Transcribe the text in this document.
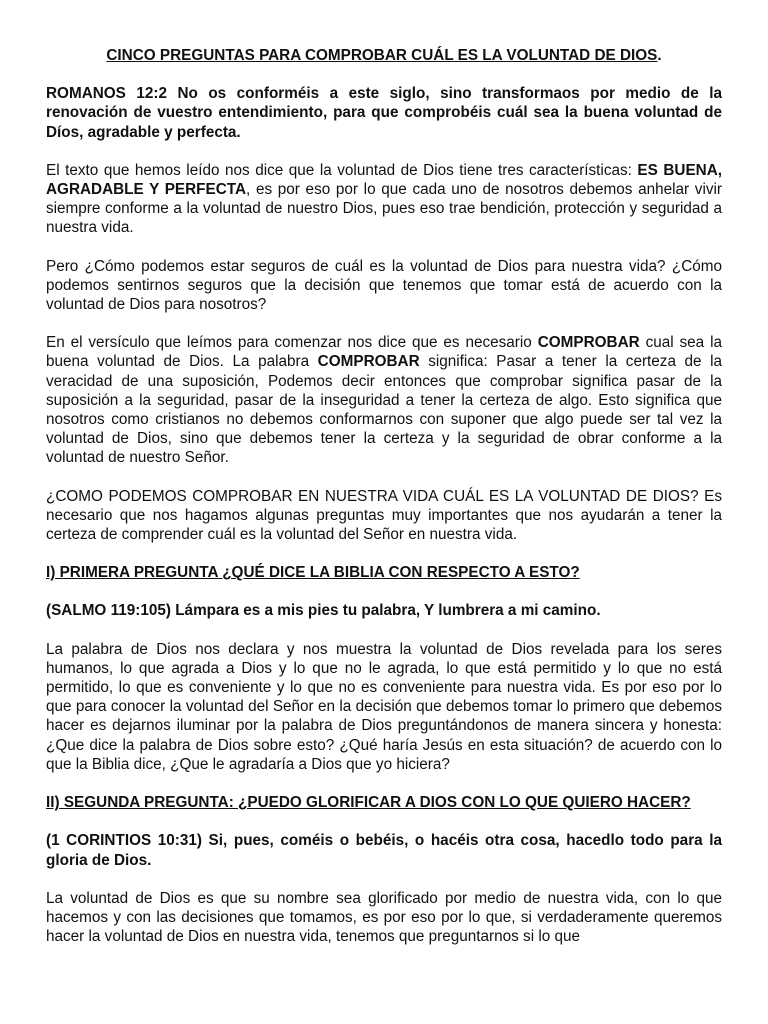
CINCO PREGUNTAS PARA COMPROBAR CUÁL ES LA VOLUNTAD DE DIOS.

ROMANOS 12:2 No os conforméis a este siglo, sino transformaos por medio de la renovación de vuestro entendimiento, para que comprobéis cuál sea la buena voluntad de Díos, agradable y perfecta.

El texto que hemos leído nos dice que la voluntad de Dios tiene tres características: ES BUENA, AGRADABLE Y PERFECTA, es por eso por lo que cada uno de nosotros debemos anhelar vivir siempre conforme a la voluntad de nuestro Dios, pues eso trae bendición, protección y seguridad a nuestra vida.

Pero ¿Cómo podemos estar seguros de cuál es la voluntad de Dios para nuestra vida? ¿Cómo podemos sentirnos seguros que la decisión que tenemos que tomar está de acuerdo con la voluntad de Dios para nosotros?

En el versículo que leímos para comenzar nos dice que es necesario COMPROBAR cual sea la buena voluntad de Dios. La palabra COMPROBAR significa: Pasar a tener la certeza de la veracidad de una suposición, Podemos decir entonces que comprobar significa pasar de la suposición a la seguridad, pasar de la inseguridad a tener la certeza de algo. Esto significa que nosotros como cristianos no debemos conformarnos con suponer que algo puede ser tal vez la voluntad de Dios, sino que debemos tener la certeza y la seguridad de obrar conforme a la voluntad de nuestro Señor.

¿COMO PODEMOS COMPROBAR EN NUESTRA VIDA CUÁL ES LA VOLUNTAD DE DIOS? Es necesario que nos hagamos algunas preguntas muy importantes que nos ayudarán a tener la certeza de comprender cuál es la voluntad del Señor en nuestra vida.

I) PRIMERA PREGUNTA ¿QUÉ DICE LA BIBLIA CON RESPECTO A ESTO?

(SALMO 119:105) Lámpara es a mis pies tu palabra, Y lumbrera a mi camino.

La palabra de Dios nos declara y nos muestra la voluntad de Dios revelada para los seres humanos, lo que agrada a Dios y lo que no le agrada, lo que está permitido y lo que no está permitido, lo que es conveniente y lo que no es conveniente para nuestra vida. Es por eso por lo que para conocer la voluntad del Señor en la decisión que debemos tomar lo primero que debemos hacer es dejarnos iluminar por la palabra de Dios preguntándonos de manera sincera y honesta: ¿Que dice la palabra de Dios sobre esto? ¿Qué haría Jesús en esta situación? de acuerdo con lo que la Biblia dice, ¿Que le agradaría a Dios que yo hiciera?

II) SEGUNDA PREGUNTA: ¿PUEDO GLORIFICAR A DIOS CON LO QUE QUIERO HACER?

(1 CORINTIOS 10:31) Si, pues, coméis o bebéis, o hacéis otra cosa, hacedlo todo para la gloria de Dios.

La voluntad de Dios es que su nombre sea glorificado por medio de nuestra vida, con lo que hacemos y con las decisiones que tomamos, es por eso por lo que, si verdaderamente queremos hacer la voluntad de Dios en nuestra vida, tenemos que preguntarnos si lo que
